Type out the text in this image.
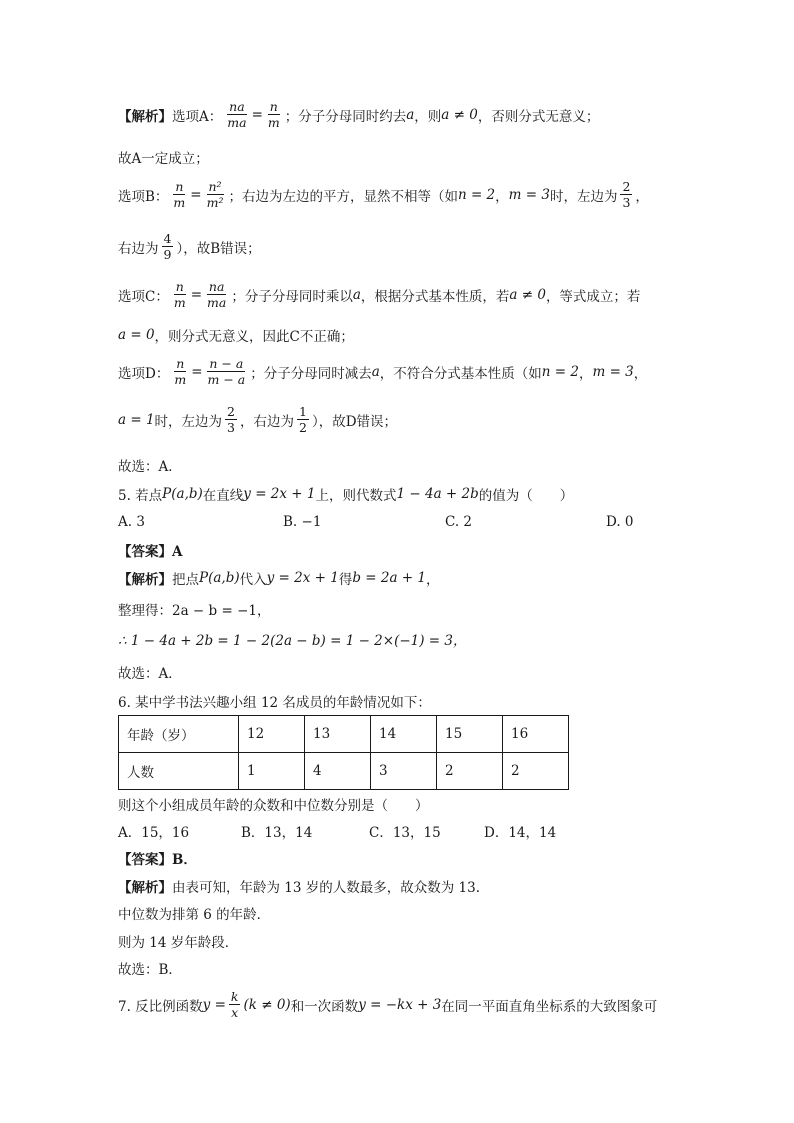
【解析】 选项A： $\frac{na}{ma} = \frac{n}{m}$ ；分子分母同时约去 a ，则 a ≠ 0 ，否则分式无意义；
故A一定成立；
选项B： $\frac{n}{m} = \frac{\text{n²}}{\text{m²}}$ ；右边为左边的平方，显然不相等（如 n = 2 ， m = 3 时，左边为 $\frac{2}{3}$ ，
右边为 $\frac{4}{9}$ ），故B错误；
选项C： $\frac{n}{m} = \frac{na}{ma}$ ；分子分母同时乘以 a ，根据分式基本性质，若 a ≠ 0 ，等式成立；若
a = 0 ，则分式无意义，因此C不正确；
选项D： $\frac{n}{m} = \frac{n - a}{m - a}$ ；分子分母同时减去 a ，不符合分式基本性质（如 n = 2 ， m = 3 ，
a = 1 时，左边为 $\frac{2}{3}$ ，右边为 $\frac{1}{2}$ ），故D错误；
故选：A．
5. 若点 P(a,b) 在直线 y = 2x + 1 上，则代数式 1 − 4a + 2b 的值为（　　）
A. 3	B. −1	C. 2	D. 0
【答案】A
【解析】 把点 P(a,b) 代入 y = 2x + 1 得 b = 2a + 1 ，
整理得：2a − b = −1，
∴ 1 − 4a + 2b = 1 − 2(2a − b) = 1 − 2×(−1) = 3，
故选：A．
6. 某中学书法兴趣小组 12 名成员的年龄情况如下：
年龄（岁）	12	13	14	15	16
人数	1	4	3	2	2
则这个小组成员年龄的众数和中位数分别是（　　）
A．15，16	B．13，14	C．13，15	D．14，14
【答案】B．
【解析】 由表可知，年龄为 13 岁的人数最多，故众数为 13.
中位数为排第 6 的年龄．
则为 14 岁年龄段．
故选：B．
7. 反比例函数 $y = \frac{k}{x} (k \ne 0)$ 和一次函数 y = −kx + 3 在同一平面直角坐标系的大致图象可
